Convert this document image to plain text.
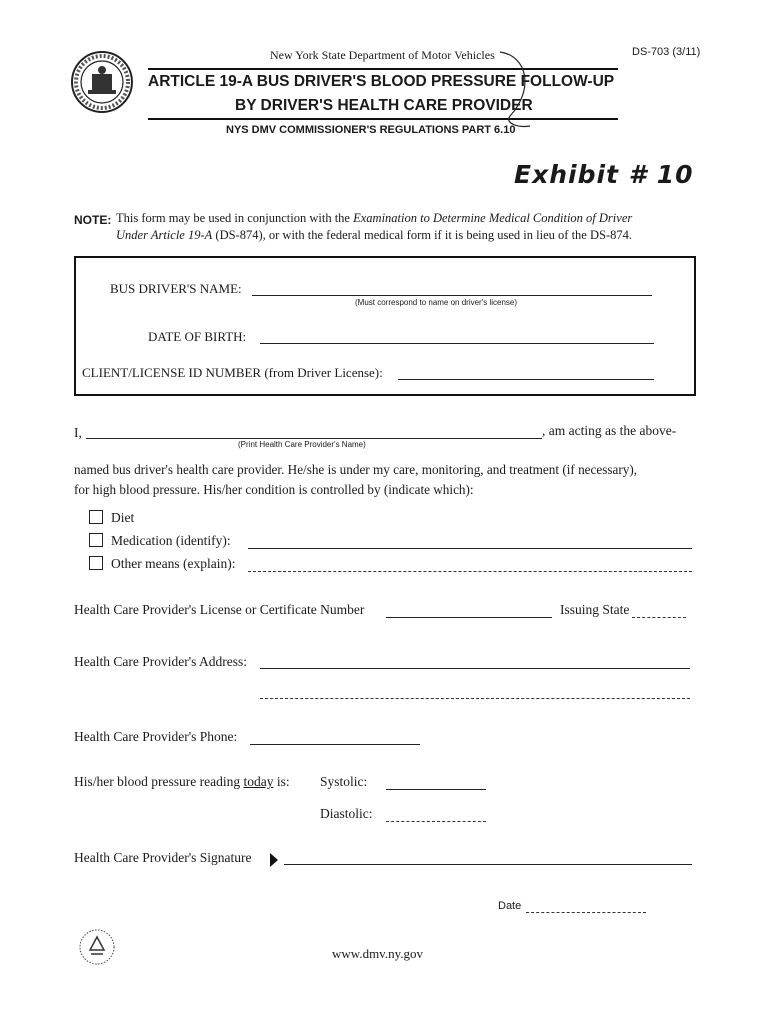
New York State Department of Motor Vehicles	DS-703 (3/11)
ARTICLE 19-A BUS DRIVER'S BLOOD PRESSURE FOLLOW-UP
BY DRIVER'S HEALTH CARE PROVIDER
NYS DMV COMMISSIONER'S REGULATIONS PART 6.10
Exhibit # 10
NOTE: This form may be used in conjunction with the Examination to Determine Medical Condition of Driver
Under Article 19-A (DS-874), or with the federal medical form if it is being used in lieu of the DS-874.
BUS DRIVER'S NAME:
(Must correspond to name on driver's license)
DATE OF BIRTH:
CLIENT/LICENSE ID NUMBER (from Driver License):
I,	, am acting as the above-
(Print Health Care Provider's Name)
named bus driver's health care provider. He/she is under my care, monitoring, and treatment (if necessary),
for high blood pressure. His/her condition is controlled by (indicate which):
Diet
Medication (identify):
Other means (explain):
Health Care Provider's License or Certificate Number	Issuing State
Health Care Provider's Address:
Health Care Provider's Phone:
His/her blood pressure reading today is: Systolic:
Diastolic:
Health Care Provider's Signature
Date
www.dmv.ny.gov
